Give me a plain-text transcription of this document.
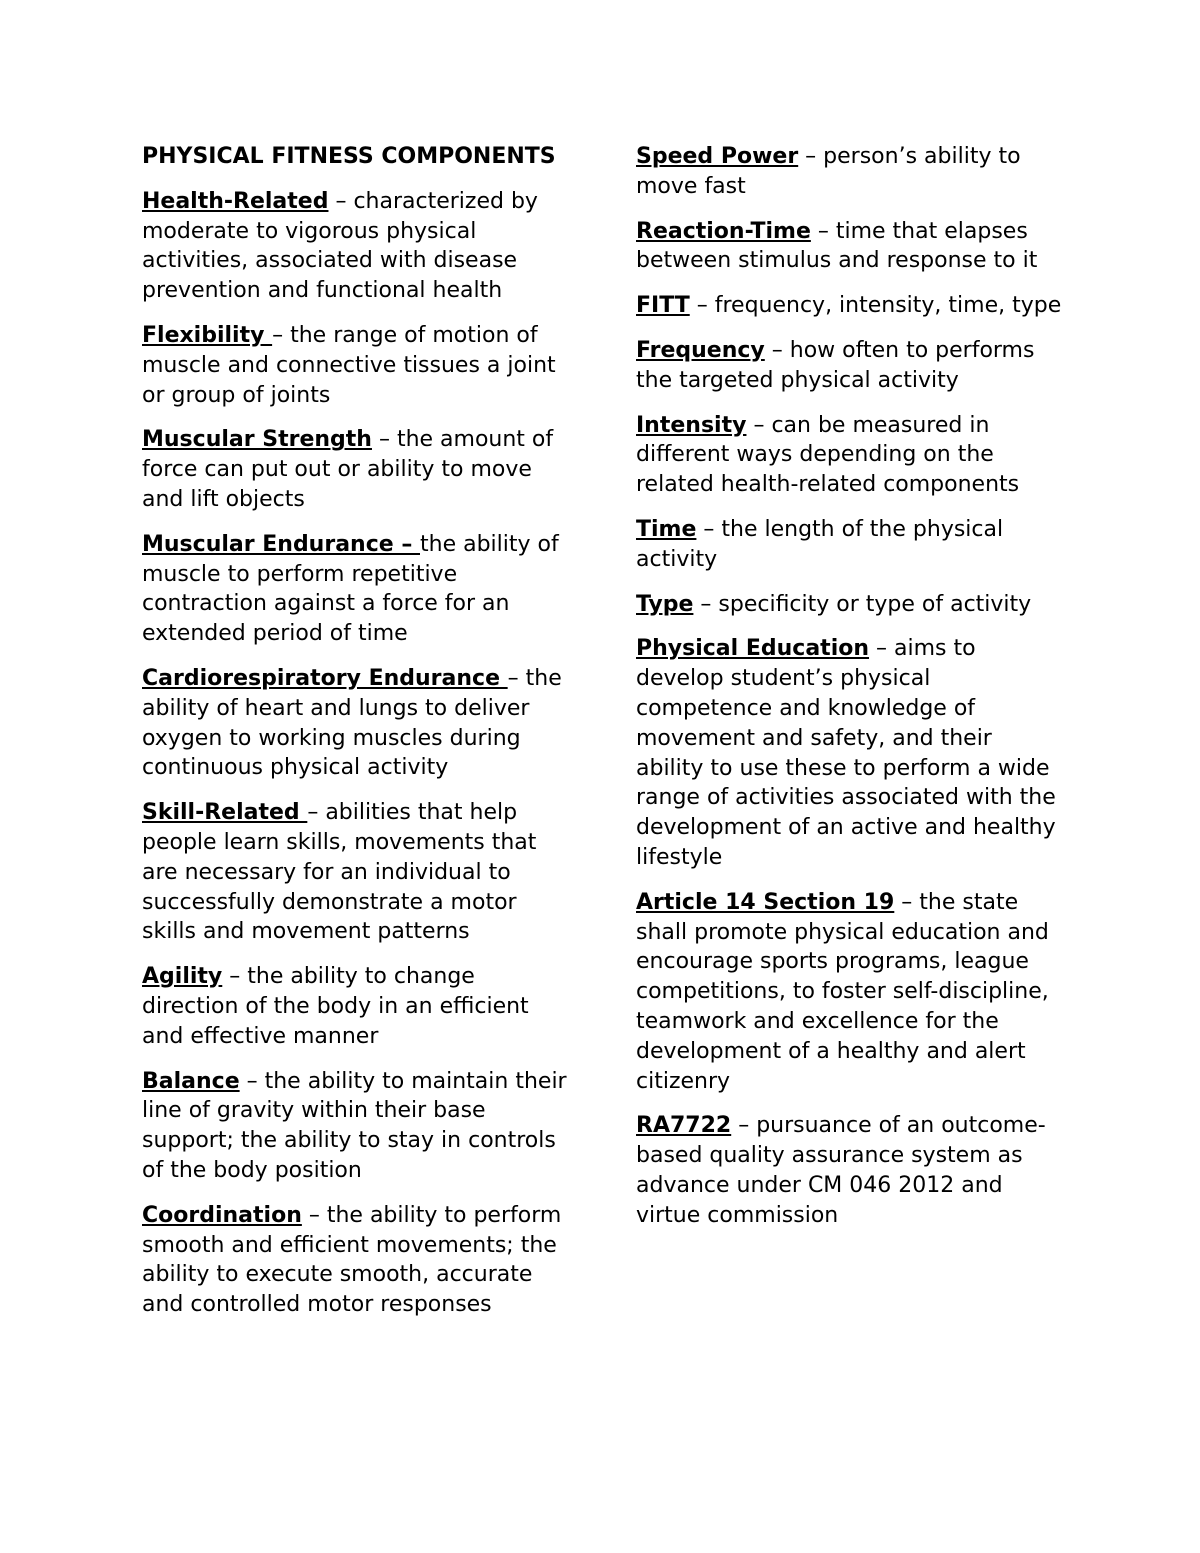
PHYSICAL FITNESS COMPONENTS
Health-Related – characterized by moderate to vigorous physical activities, associated with disease prevention and functional health
Flexibility – the range of motion of muscle and connective tissues a joint or group of joints
Muscular Strength – the amount of force can put out or ability to move and lift objects
Muscular Endurance – the ability of muscle to perform repetitive contraction against a force for an extended period of time
Cardiorespiratory Endurance – the ability of heart and lungs to deliver oxygen to working muscles during continuous physical activity
Skill-Related – abilities that help people learn skills, movements that are necessary for an individual to successfully demonstrate a motor skills and movement patterns
Agility – the ability to change direction of the body in an efficient and effective manner
Balance – the ability to maintain their line of gravity within their base support; the ability to stay in controls of the body position
Coordination – the ability to perform smooth and efficient movements; the ability to execute smooth, accurate and controlled motor responses
Speed Power – person’s ability to move fast
Reaction-Time – time that elapses between stimulus and response to it
FITT – frequency, intensity, time, type
Frequency – how often to performs the targeted physical activity
Intensity – can be measured in different ways depending on the related health-related components
Time – the length of the physical activity
Type – specificity or type of activity
Physical Education – aims to develop student’s physical competence and knowledge of movement and safety, and their ability to use these to perform a wide range of activities associated with the development of an active and healthy lifestyle
Article 14 Section 19 – the state shall promote physical education and encourage sports programs, league competitions, to foster self-discipline, teamwork and excellence for the development of a healthy and alert citizenry
RA7722 – pursuance of an outcome-based quality assurance system as advance under CM 046 2012 and virtue commission
